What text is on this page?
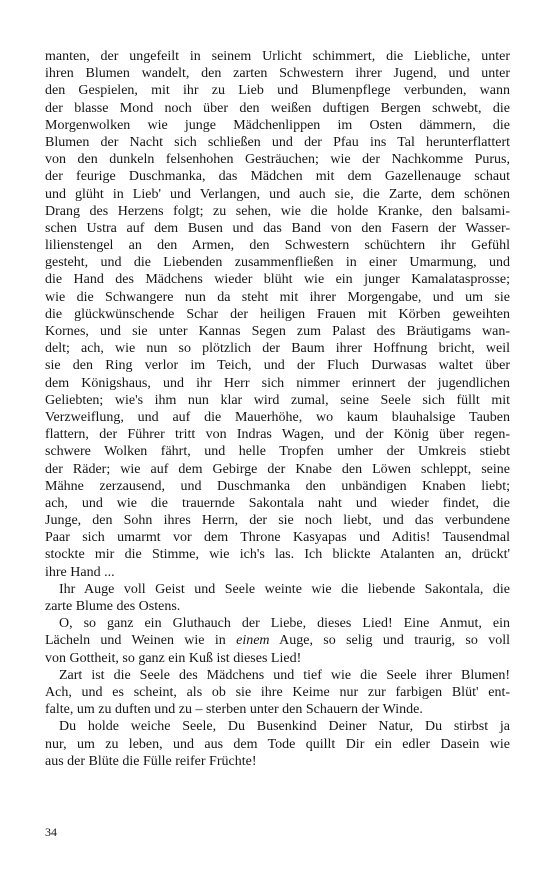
manten, der ungefeilt in seinem Urlicht schimmert, die Liebliche, unter
ihren Blumen wandelt, den zarten Schwestern ihrer Jugend, und unter
den Gespielen, mit ihr zu Lieb und Blumenpflege verbunden, wann
der blasse Mond noch über den weißen duftigen Bergen schwebt, die
Morgenwolken wie junge Mädchenlippen im Osten dämmern, die
Blumen der Nacht sich schließen und der Pfau ins Tal herunterflattert
von den dunkeln felsenhohen Gesträuchen; wie der Nachkomme Purus,
der feurige Duschmanka, das Mädchen mit dem Gazellenauge schaut
und glüht in Lieb' und Verlangen, und auch sie, die Zarte, dem schönen
Drang des Herzens folgt; zu sehen, wie die holde Kranke, den balsami-
schen Ustra auf dem Busen und das Band von den Fasern der Wasser-
lilienstengel an den Armen, den Schwestern schüchtern ihr Gefühl
gesteht, und die Liebenden zusammenfließen in einer Umarmung, und
die Hand des Mädchens wieder blüht wie ein junger Kamalatasprosse;
wie die Schwangere nun da steht mit ihrer Morgengabe, und um sie
die glückwünschende Schar der heiligen Frauen mit Körben geweihten
Kornes, und sie unter Kannas Segen zum Palast des Bräutigams wan-
delt; ach, wie nun so plötzlich der Baum ihrer Hoffnung bricht, weil
sie den Ring verlor im Teich, und der Fluch Durwasas waltet über
dem Königshaus, und ihr Herr sich nimmer erinnert der jugendlichen
Geliebten; wie's ihm nun klar wird zumal, seine Seele sich füllt mit
Verzweiflung, und auf die Mauerhöhe, wo kaum blauhalsige Tauben
flattern, der Führer tritt von Indras Wagen, und der König über regen-
schwere Wolken fährt, und helle Tropfen umher der Umkreis stiebt
der Räder; wie auf dem Gebirge der Knabe den Löwen schleppt, seine
Mähne zerzausend, und Duschmanka den unbändigen Knaben liebt;
ach, und wie die trauernde Sakontala naht und wieder findet, die
Junge, den Sohn ihres Herrn, der sie noch liebt, und das verbundene
Paar sich umarmt vor dem Throne Kasyapas und Aditis! Tausendmal
stockte mir die Stimme, wie ich's las. Ich blickte Atalanten an, drückt'
ihre Hand ...
Ihr Auge voll Geist und Seele weinte wie die liebende Sakontala, die
zarte Blume des Ostens.
O, so ganz ein Gluthauch der Liebe, dieses Lied! Eine Anmut, ein
Lächeln und Weinen wie in einem Auge, so selig und traurig, so voll
von Gottheit, so ganz ein Kuß ist dieses Lied!
Zart ist die Seele des Mädchens und tief wie die Seele ihrer Blumen!
Ach, und es scheint, als ob sie ihre Keime nur zur farbigen Blüt' ent-
falte, um zu duften und zu – sterben unter den Schauern der Winde.
Du holde weiche Seele, Du Busenkind Deiner Natur, Du stirbst ja
nur, um zu leben, und aus dem Tode quillt Dir ein edler Dasein wie
aus der Blüte die Fülle reifer Früchte!
34
